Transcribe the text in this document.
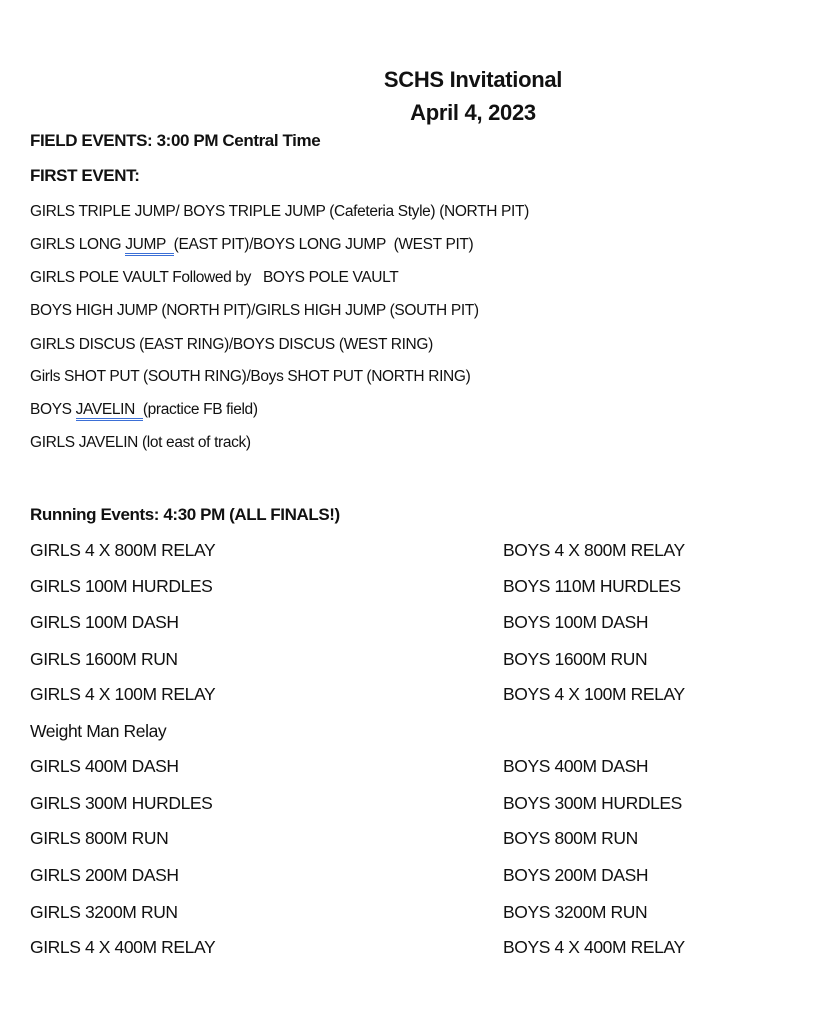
SCHS Invitational
April 4, 2023
FIELD EVENTS: 3:00 PM Central Time
FIRST EVENT:
GIRLS TRIPLE JUMP/ BOYS TRIPLE JUMP (Cafeteria Style) (NORTH PIT)
GIRLS LONG JUMP  (EAST PIT)/BOYS LONG JUMP  (WEST PIT)
GIRLS POLE VAULT Followed by   BOYS POLE VAULT
BOYS HIGH JUMP (NORTH PIT)/GIRLS HIGH JUMP (SOUTH PIT)
GIRLS DISCUS (EAST RING)/BOYS DISCUS (WEST RING)
Girls SHOT PUT (SOUTH RING)/Boys SHOT PUT (NORTH RING)
BOYS JAVELIN  (practice FB field)
GIRLS JAVELIN (lot east of track)
Running Events: 4:30 PM (ALL FINALS!)
GIRLS 4 X 800M RELAY	BOYS 4 X 800M RELAY
GIRLS 100M HURDLES	BOYS 110M HURDLES
GIRLS 100M DASH	BOYS 100M DASH
GIRLS 1600M RUN	BOYS 1600M RUN
GIRLS 4 X 100M RELAY	BOYS 4 X 100M RELAY
Weight Man Relay
GIRLS 400M DASH	BOYS 400M DASH
GIRLS 300M HURDLES	BOYS 300M HURDLES
GIRLS 800M RUN	BOYS 800M RUN
GIRLS 200M DASH	BOYS 200M DASH
GIRLS 3200M RUN	BOYS 3200M RUN
GIRLS 4 X 400M RELAY	BOYS 4 X 400M RELAY
